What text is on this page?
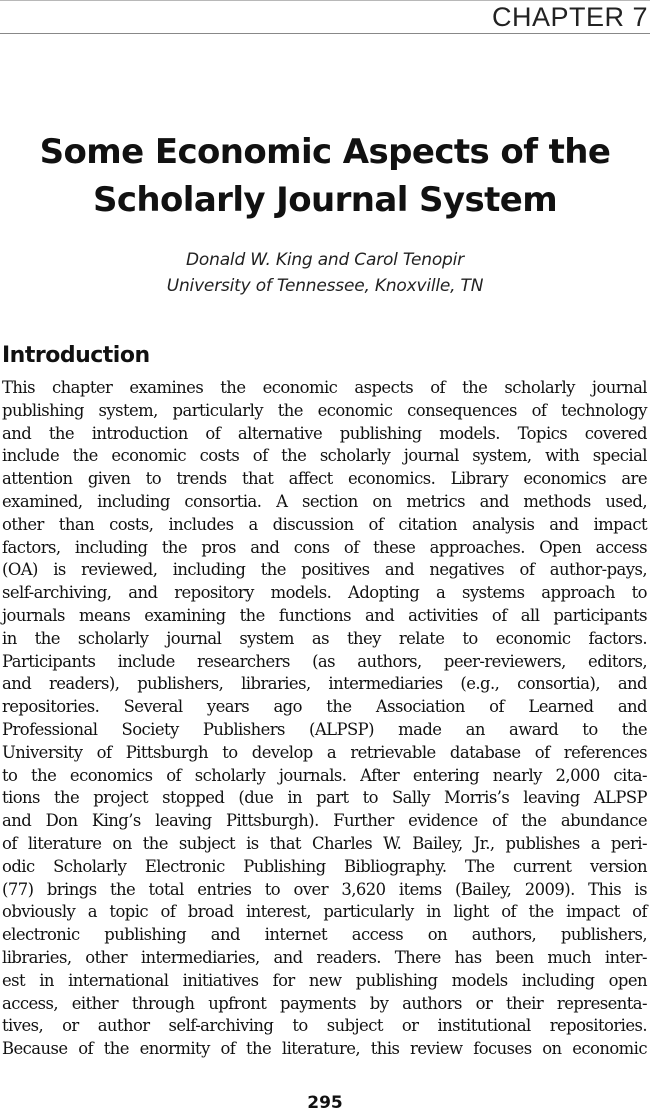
CHAPTER 7
Some Economic Aspects of the
Scholarly Journal System
Donald W. King and Carol Tenopir
University of Tennessee, Knoxville, TN
Introduction
This chapter examines the economic aspects of the scholarly journal
publishing system, particularly the economic consequences of technology
and the introduction of alternative publishing models. Topics covered
include the economic costs of the scholarly journal system, with special
attention given to trends that affect economics. Library economics are
examined, including consortia. A section on metrics and methods used,
other than costs, includes a discussion of citation analysis and impact
factors, including the pros and cons of these approaches. Open access
(OA) is reviewed, including the positives and negatives of author-pays,
self-archiving, and repository models. Adopting a systems approach to
journals means examining the functions and activities of all participants
in the scholarly journal system as they relate to economic factors.
Participants include researchers (as authors, peer-reviewers, editors,
and readers), publishers, libraries, intermediaries (e.g., consortia), and
repositories. Several years ago the Association of Learned and
Professional Society Publishers (ALPSP) made an award to the
University of Pittsburgh to develop a retrievable database of references
to the economics of scholarly journals. After entering nearly 2,000 cita-
tions the project stopped (due in part to Sally Morris’s leaving ALPSP
and Don King’s leaving Pittsburgh). Further evidence of the abundance
of literature on the subject is that Charles W. Bailey, Jr., publishes a peri-
odic Scholarly Electronic Publishing Bibliography. The current version
(77) brings the total entries to over 3,620 items (Bailey, 2009). This is
obviously a topic of broad interest, particularly in light of the impact of
electronic publishing and internet access on authors, publishers,
libraries, other intermediaries, and readers. There has been much inter-
est in international initiatives for new publishing models including open
access, either through upfront payments by authors or their representa-
tives, or author self-archiving to subject or institutional repositories.
Because of the enormity of the literature, this review focuses on economic
295
